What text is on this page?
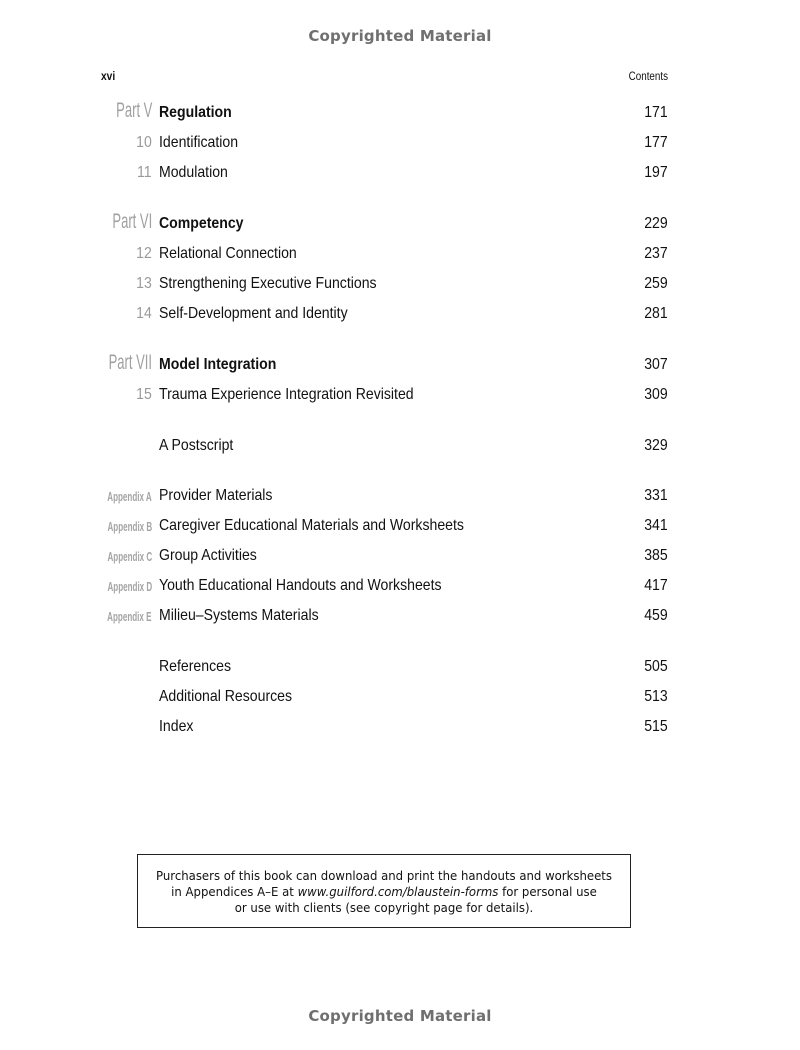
Copyrighted Material
xvi	Contents
Part V Regulation	171
10 Identification	177
11 Modulation	197
Part VI Competency	229
12 Relational Connection	237
13 Strengthening Executive Functions	259
14 Self-Development and Identity	281
Part VII Model Integration	307
15 Trauma Experience Integration Revisited	309
A Postscript	329
Appendix A Provider Materials	331
Appendix B Caregiver Educational Materials and Worksheets	341
Appendix C Group Activities	385
Appendix D Youth Educational Handouts and Worksheets	417
Appendix E Milieu–Systems Materials	459
References	505
Additional Resources	513
Index	515
Purchasers of this book can download and print the handouts and worksheets
in Appendices A–E at www.guilford.com/blaustein-forms for personal use
or use with clients (see copyright page for details).
Copyrighted Material
